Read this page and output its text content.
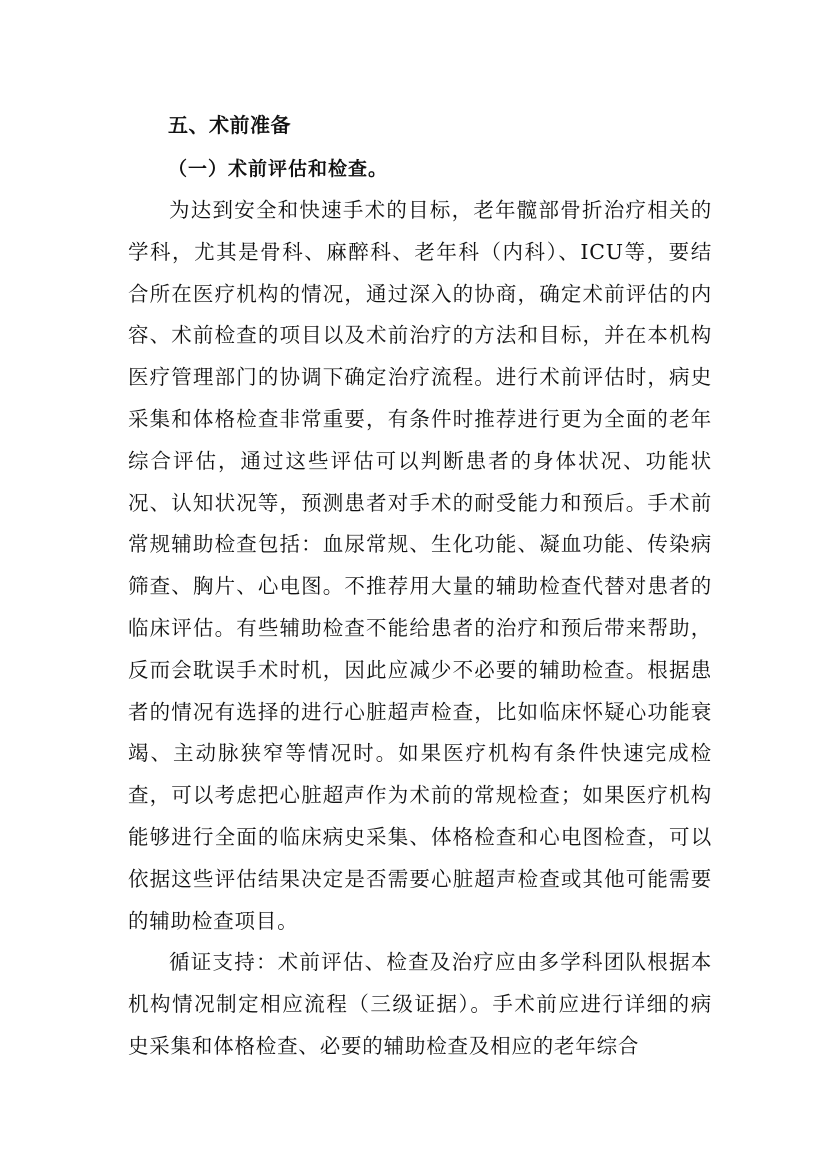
五、术前准备
（一）术前评估和检查。

为达到安全和快速手术的目标，老年髋部骨折治疗相关的学科，尤其是骨科、麻醉科、老年科（内科）、ICU等，要结合所在医疗机构的情况，通过深入的协商，确定术前评估的内容、术前检查的项目以及术前治疗的方法和目标，并在本机构医疗管理部门的协调下确定治疗流程。进行术前评估时，病史采集和体格检查非常重要，有条件时推荐进行更为全面的老年综合评估，通过这些评估可以判断患者的身体状况、功能状况、认知状况等，预测患者对手术的耐受能力和预后。手术前常规辅助检查包括：血尿常规、生化功能、凝血功能、传染病筛查、胸片、心电图。不推荐用大量的辅助检查代替对患者的临床评估。有些辅助检查不能给患者的治疗和预后带来帮助，反而会耽误手术时机，因此应减少不必要的辅助检查。根据患者的情况有选择的进行心脏超声检查，比如临床怀疑心功能衰竭、主动脉狭窄等情况时。如果医疗机构有条件快速完成检查，可以考虑把心脏超声作为术前的常规检查；如果医疗机构能够进行全面的临床病史采集、体格检查和心电图检查，可以依据这些评估结果决定是否需要心脏超声检查或其他可能需要的辅助检查项目。

循证支持：术前评估、检查及治疗应由多学科团队根据本机构情况制定相应流程（三级证据）。手术前应进行详细的病史采集和体格检查、必要的辅助检查及相应的老年综合
